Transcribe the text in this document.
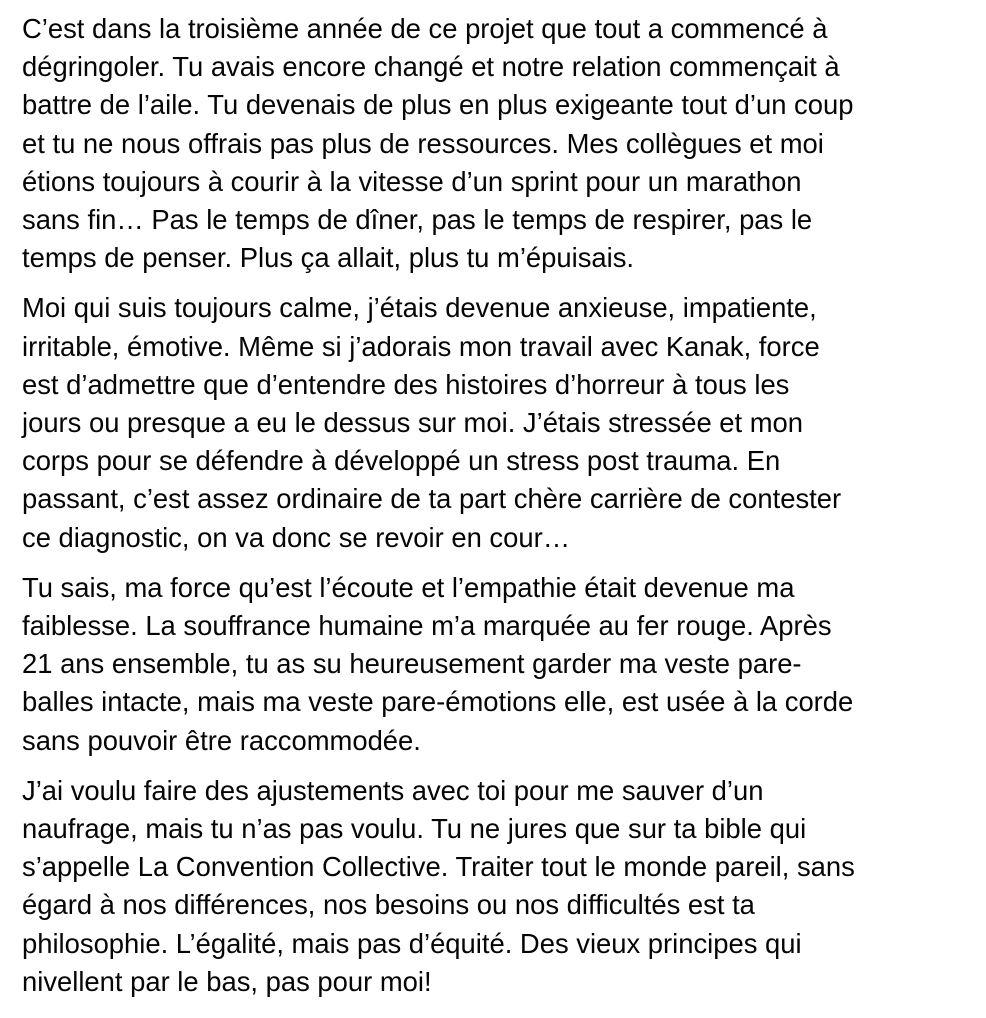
C’est dans la troisième année de ce projet que tout a commencé à
dégringoler. Tu avais encore changé et notre relation commençait à
battre de l’aile. Tu devenais de plus en plus exigeante tout d’un coup
et tu ne nous offrais pas plus de ressources. Mes collègues et moi
étions toujours à courir à la vitesse d’un sprint pour un marathon
sans fin… Pas le temps de dîner, pas le temps de respirer, pas le
temps de penser. Plus ça allait, plus tu m’épuisais.

Moi qui suis toujours calme, j’étais devenue anxieuse, impatiente,
irritable, émotive. Même si j’adorais mon travail avec Kanak, force
est d’admettre que d’entendre des histoires d’horreur à tous les
jours ou presque a eu le dessus sur moi. J’étais stressée et mon
corps pour se défendre à développé un stress post trauma. En
passant, c’est assez ordinaire de ta part chère carrière de contester
ce diagnostic, on va donc se revoir en cour…

Tu sais, ma force qu’est l’écoute et l’empathie était devenue ma
faiblesse. La souffrance humaine m’a marquée au fer rouge. Après
21 ans ensemble, tu as su heureusement garder ma veste pare-
balles intacte, mais ma veste pare-émotions elle, est usée à la corde
sans pouvoir être raccommodée.

J’ai voulu faire des ajustements avec toi pour me sauver d’un
naufrage, mais tu n’as pas voulu. Tu ne jures que sur ta bible qui
s’appelle La Convention Collective. Traiter tout le monde pareil, sans
égard à nos différences, nos besoins ou nos difficultés est ta
philosophie. L’égalité, mais pas d’équité. Des vieux principes qui
nivellent par le bas, pas pour moi!
